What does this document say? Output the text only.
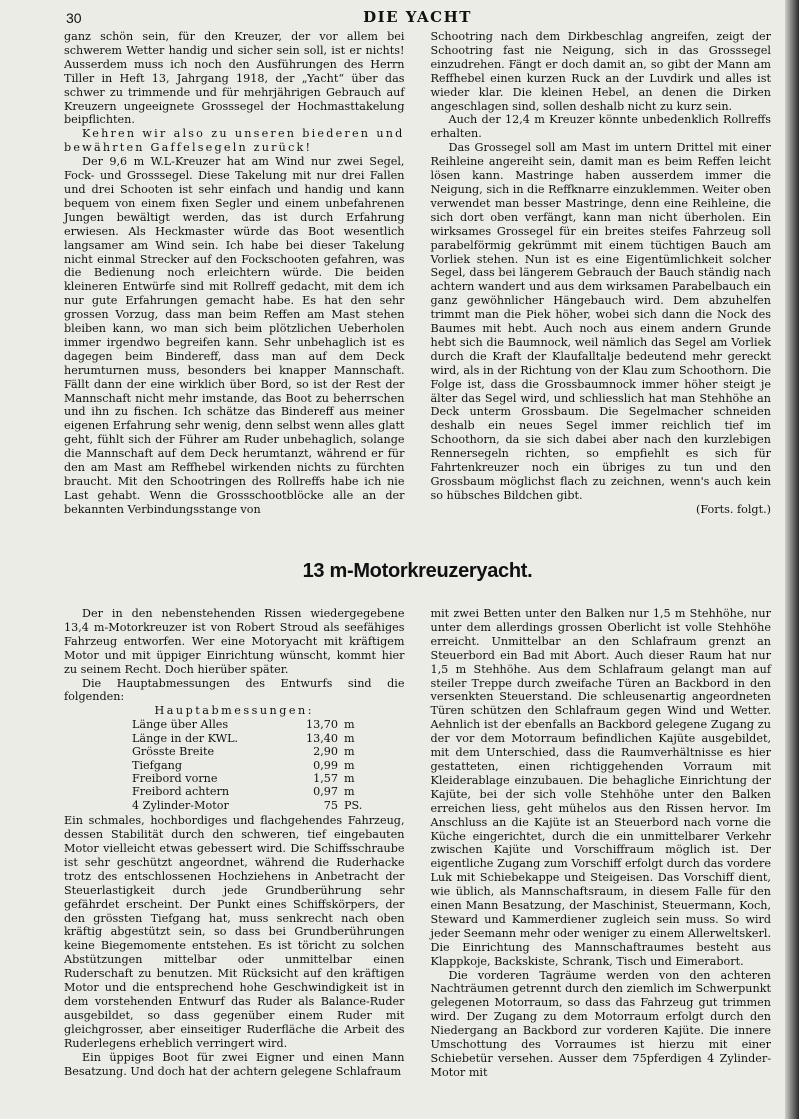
30	DIE YACHT

ganz schön sein, für den Kreuzer, der vor allem bei schwerem Wetter handig und sicher sein soll, ist er nichts! Ausserdem muss ich noch den Ausführungen des Herrn Tiller in Heft 13, Jahrgang 1918, der „Yacht“ über das schwer zu trimmende und für mehrjährigen Gebrauch auf Kreuzern ungeeignete Grosssegel der Hochmasttakelung beipflichten.

Kehren wir also zu unseren biederen und bewährten Gaffelsegeln zurück!

Der 9,6 m W.L-Kreuzer hat am Wind nur zwei Segel, Fock- und Grosssegel. Diese Takelung mit nur drei Fallen und drei Schooten ist sehr einfach und handig und kann bequem von einem fixen Segler und einem unbefahrenen Jungen bewältigt werden, das ist durch Erfahrung erwiesen. Als Heckmaster würde das Boot wesentlich langsamer am Wind sein. Ich habe bei dieser Takelung nicht einmal Strecker auf den Fockschooten gefahren, was die Bedienung noch erleichtern würde. Die beiden kleineren Entwürfe sind mit Rollreff gedacht, mit dem ich nur gute Erfahrungen gemacht habe. Es hat den sehr grossen Vorzug, dass man beim Reffen am Mast stehen bleiben kann, wo man sich beim plötzlichen Ueberholen immer irgendwo begreifen kann. Sehr unbehaglich ist es dagegen beim Bindereff, dass man auf dem Deck herumturnen muss, besonders bei knapper Mannschaft. Fällt dann der eine wirklich über Bord, so ist der Rest der Mannschaft nicht mehr imstande, das Boot zu beherrschen und ihn zu fischen. Ich schätze das Bindereff aus meiner eigenen Erfahrung sehr wenig, denn selbst wenn alles glatt geht, fühlt sich der Führer am Ruder unbehaglich, solange die Mannschaft auf dem Deck herumtanzt, während er für den am Mast am Reffhebel wirkenden nichts zu fürchten braucht. Mit den Schootringen des Rollreffs habe ich nie Last gehabt. Wenn die Grossschootblöcke alle an der bekannten Verbindungsstange von

Schootring nach dem Dirkbeschlag angreifen, zeigt der Schootring fast nie Neigung, sich in das Grosssegel einzudrehen. Fängt er doch damit an, so gibt der Mann am Reffhebel einen kurzen Ruck an der Luvdirk und alles ist wieder klar. Die kleinen Hebel, an denen die Dirken angeschlagen sind, sollen deshalb nicht zu kurz sein.

Auch der 12,4 m Kreuzer könnte unbedenklich Rollreffs erhalten.

Das Grossegel soll am Mast im untern Drittel mit einer Reihleine angereiht sein, damit man es beim Reffen leicht lösen kann. Mastringe haben ausserdem immer die Neigung, sich in die Reffknarre einzuklemmen. Weiter oben verwendet man besser Mastringe, denn eine Reihleine, die sich dort oben verfängt, kann man nicht überholen. Ein wirksames Grossegel für ein breites steifes Fahrzeug soll parabelförmig gekrümmt mit einem tüchtigen Bauch am Vorliek stehen. Nun ist es eine Eigentümlichkeit solcher Segel, dass bei längerem Gebrauch der Bauch ständig nach achtern wandert und aus dem wirksamen Parabelbauch ein ganz gewöhnlicher Hängebauch wird. Dem abzuhelfen trimmt man die Piek höher, wobei sich dann die Nock des Baumes mit hebt. Auch noch aus einem andern Grunde hebt sich die Baumnock, weil nämlich das Segel am Vorliek durch die Kraft der Klaufalltalje bedeutend mehr gereckt wird, als in der Richtung von der Klau zum Schoothorn. Die Folge ist, dass die Grossbaumnock immer höher steigt je älter das Segel wird, und schliesslich hat man Stehhöhe an Deck unterm Grossbaum. Die Segelmacher schneiden deshalb ein neues Segel immer reichlich tief im Schoothorn, da sie sich dabei aber nach den kurzlebigen Rennersegeln richten, so empfiehlt es sich für Fahrtenkreuzer noch ein übriges zu tun und den Grossbaum möglichst flach zu zeichnen, wenn's auch kein so hübsches Bildchen gibt.

(Forts. folgt.)

13 m-Motorkreuzeryacht.

Der in den nebenstehenden Rissen wiedergegebene 13,4 m-Motorkreuzer ist von Robert Stroud als seefähiges Fahrzeug entworfen. Wer eine Motoryacht mit kräftigem Motor und mit üppiger Einrichtung wünscht, kommt hier zu seinem Recht. Doch hierüber später.

Die Hauptabmessungen des Entwurfs sind die folgenden:

Hauptabmessungen:
Länge über Alles	13,70	m
Länge in der KWL.	13,40	m
Grösste Breite	2,90	m
Tiefgang	0,99	m
Freibord vorne	1,57	m
Freibord achtern	0,97	m
4 Zylinder-Motor	75	PS.

Ein schmales, hochbordiges und flachgehendes Fahrzeug, dessen Stabilität durch den schweren, tief eingebauten Motor vielleicht etwas gebessert wird. Die Schiffsschraube ist sehr geschützt angeordnet, während die Ruderhacke trotz des entschlossenen Hochziehens in Anbetracht der Steuerlastigkeit durch jede Grundberührung sehr gefährdet erscheint. Der Punkt eines Schiffskörpers, der den grössten Tiefgang hat, muss senkrecht nach oben kräftig abgestützt sein, so dass bei Grundberührungen keine Biegemomente entstehen. Es ist töricht zu solchen Abstützungen mittelbar oder unmittelbar einen Ruderschaft zu benutzen. Mit Rücksicht auf den kräftigen Motor und die entsprechend hohe Geschwindigkeit ist in dem vorstehenden Entwurf das Ruder als Balance-Ruder ausgebildet, so dass gegenüber einem Ruder mit gleichgrosser, aber einseitiger Ruderfläche die Arbeit des Ruderlegens erheblich verringert wird.

Ein üppiges Boot für zwei Eigner und einen Mann Besatzung. Und doch hat der achtern gelegene Schlafraum

mit zwei Betten unter den Balken nur 1,5 m Stehhöhe, nur unter dem allerdings grossen Oberlicht ist volle Stehhöhe erreicht. Unmittelbar an den Schlafraum grenzt an Steuerbord ein Bad mit Abort. Auch dieser Raum hat nur 1,5 m Stehhöhe. Aus dem Schlafraum gelangt man auf steiler Treppe durch zweifache Türen an Backbord in den versenkten Steuerstand. Die schleusenartig angeordneten Türen schützen den Schlafraum gegen Wind und Wetter. Aehnlich ist der ebenfalls an Backbord gelegene Zugang zu der vor dem Motorraum befindlichen Kajüte ausgebildet, mit dem Unterschied, dass die Raumverhältnisse es hier gestatteten, einen richtiggehenden Vorraum mit Kleiderablage einzubauen. Die behagliche Einrichtung der Kajüte, bei der sich volle Stehhöhe unter den Balken erreichen liess, geht mühelos aus den Rissen hervor. Im Anschluss an die Kajüte ist an Steuerbord nach vorne die Küche eingerichtet, durch die ein unmittelbarer Verkehr zwischen Kajüte und Vorschiffraum möglich ist. Der eigentliche Zugang zum Vorschiff erfolgt durch das vordere Luk mit Schiebekappe und Steigeisen. Das Vorschiff dient, wie üblich, als Mannschaftsraum, in diesem Falle für den einen Mann Besatzung, der Maschinist, Steuermann, Koch, Steward und Kammerdiener zugleich sein muss. So wird jeder Seemann mehr oder weniger zu einem Allerweltskerl. Die Einrichtung des Mannschaftraumes besteht aus Klappkoje, Backskiste, Schrank, Tisch und Eimerabort.

Die vorderen Tagräume werden von den achteren Nachträumen getrennt durch den ziemlich im Schwerpunkt gelegenen Motorraum, so dass das Fahrzeug gut trimmen wird. Der Zugang zu dem Motorraum erfolgt durch den Niedergang an Backbord zur vorderen Kajüte. Die innere Umschottung des Vorraumes ist hierzu mit einer Schiebetür versehen. Ausser dem 75pferdigen 4 Zylinder-Motor mit
